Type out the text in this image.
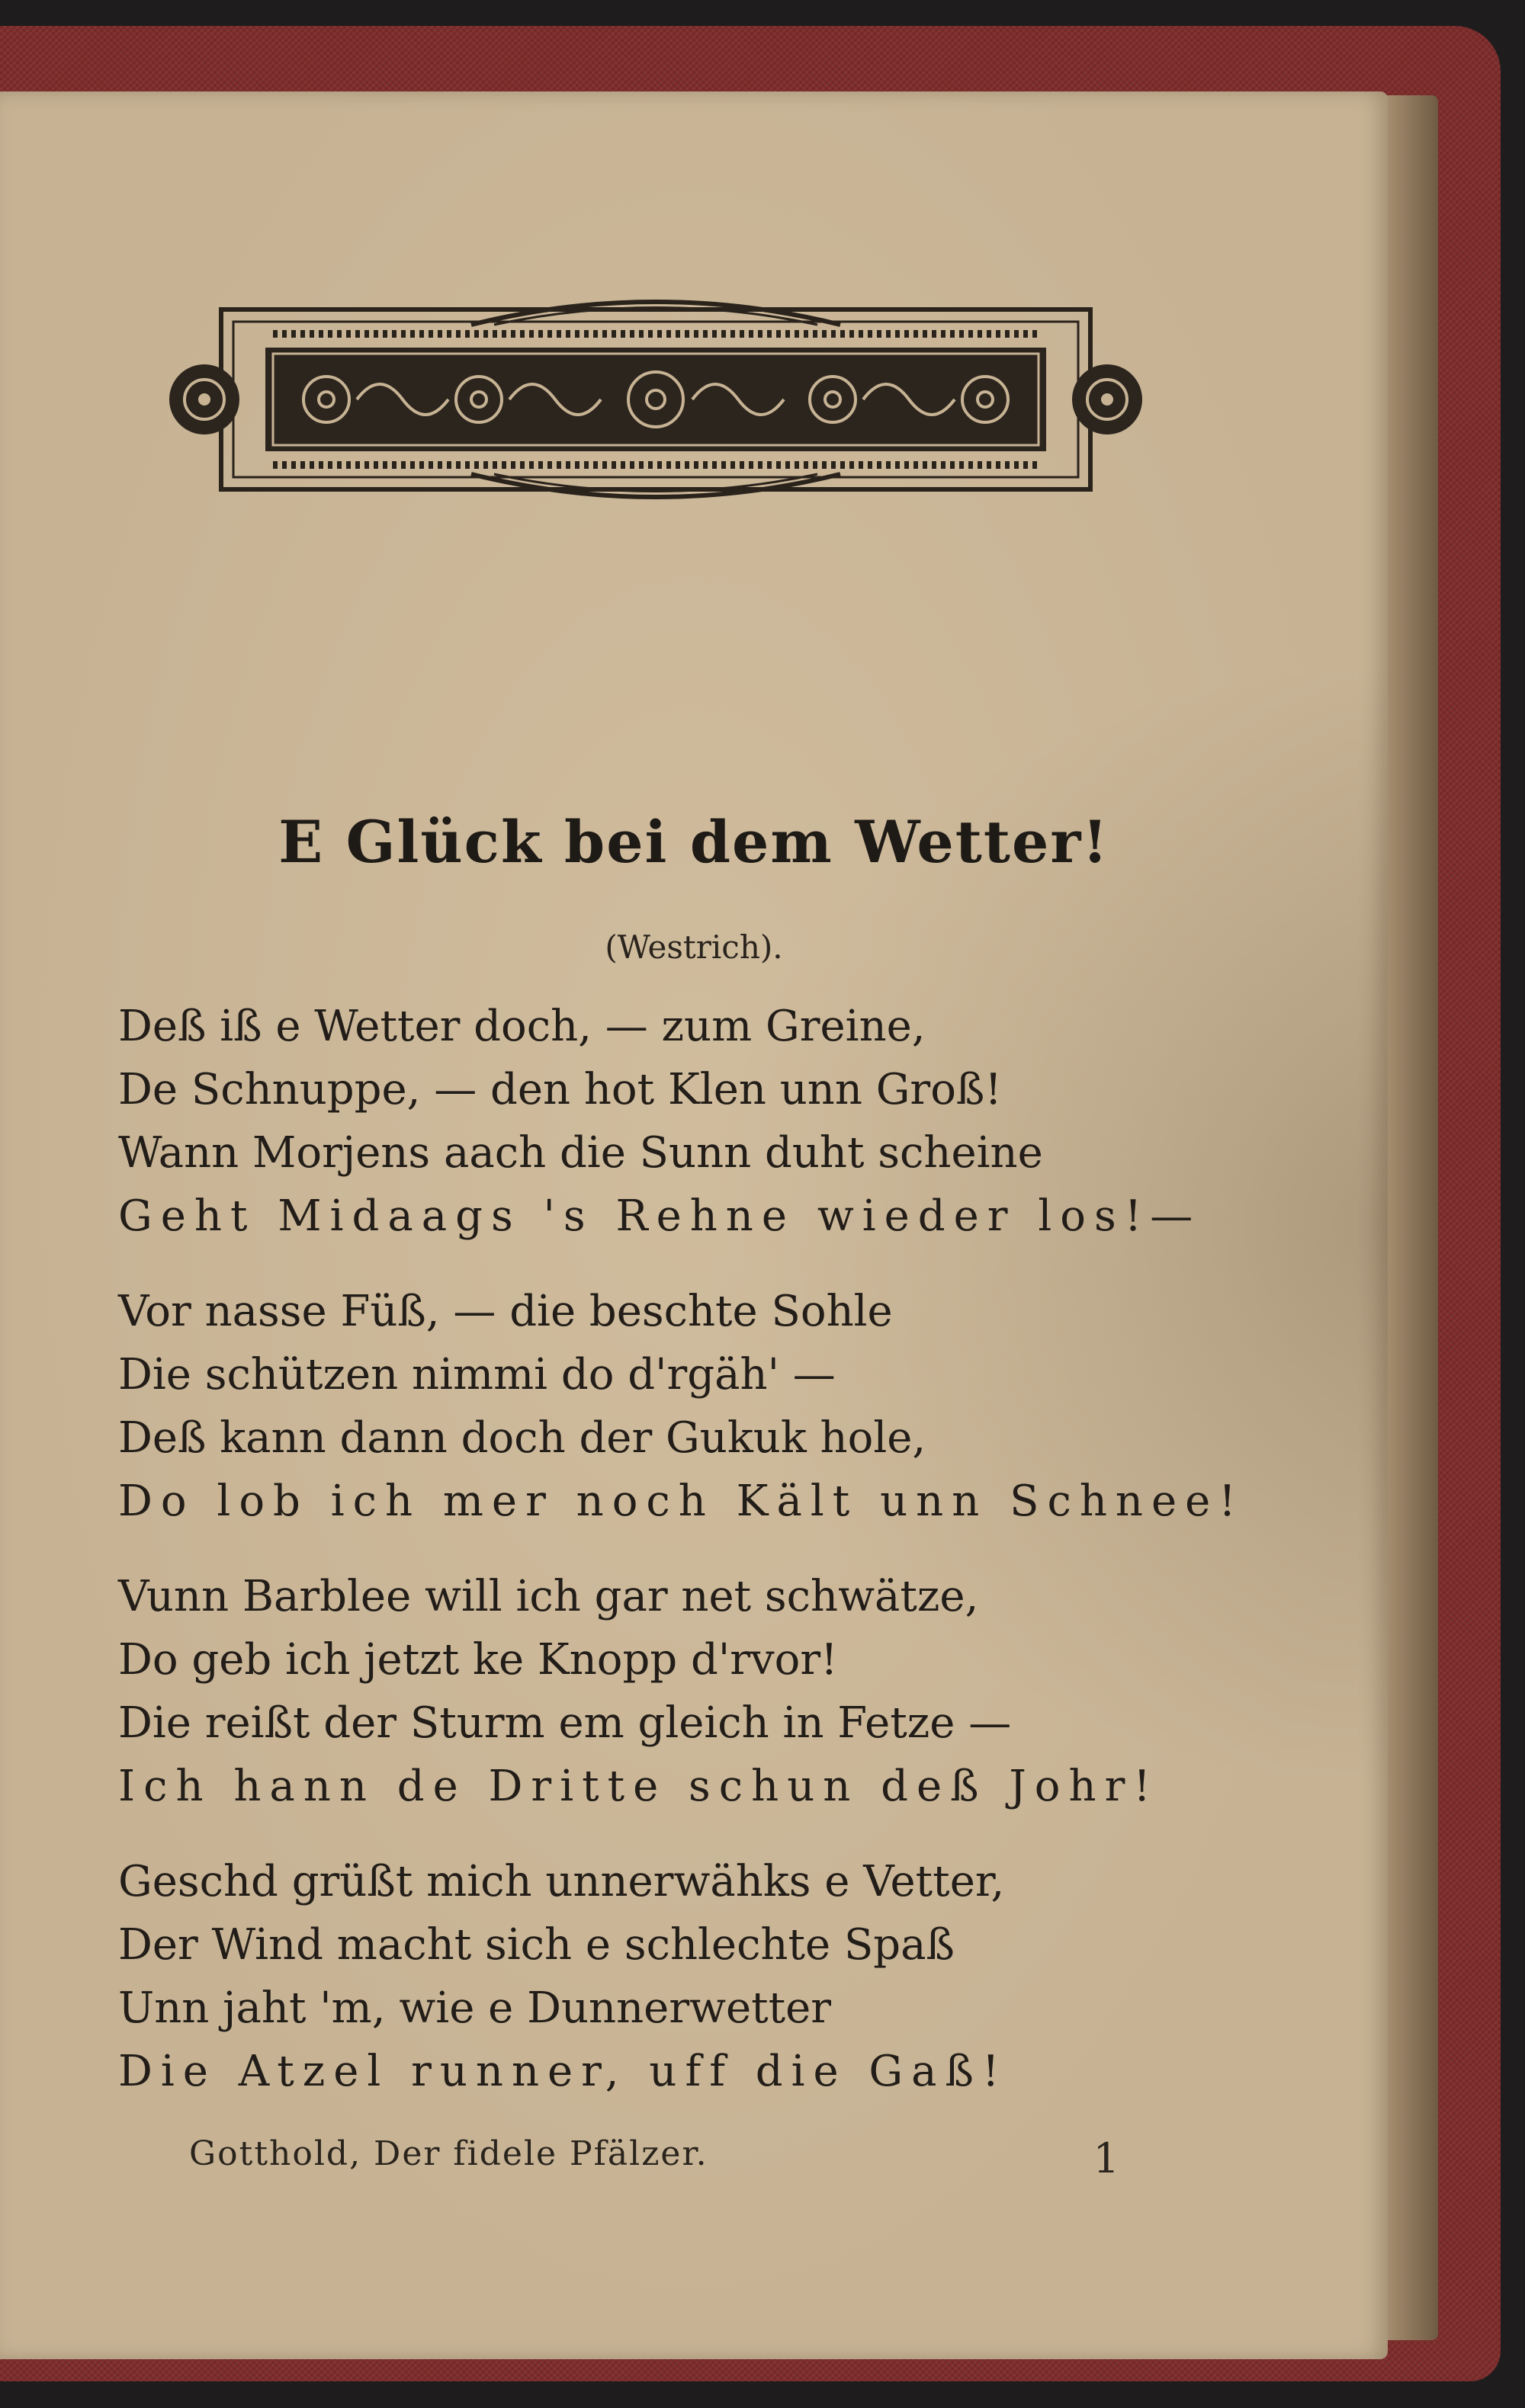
E Glück bei dem Wetter!

(Westrich).

Deß iß e Wetter doch, — zum Greine,
De Schnuppe, — den hot Klen unn Groß!
Wann Morjens aach die Sunn duht scheine
Geht Midaags 's Rehne wieder los!—
Vor nasse Füß, — die beschte Sohle
Die schützen nimmi do d'rgäh' —
Deß kann dann doch der Gukuk hole,
Do lob ich mer noch Kält unn Schnee!
Vunn Barblee will ich gar net schwätze,
Do geb ich jetzt ke Knopp d'rvor!
Die reißt der Sturm em gleich in Fetze —
Ich hann de Dritte schun deß Johr!
Geschd grüßt mich unnerwähks e Vetter,
Der Wind macht sich e schlechte Spaß
Unn jaht 'm, wie e Dunnerwetter
Die Atzel runner, uff die Gaß!
Gotthold, Der fidele Pfälzer.	1
